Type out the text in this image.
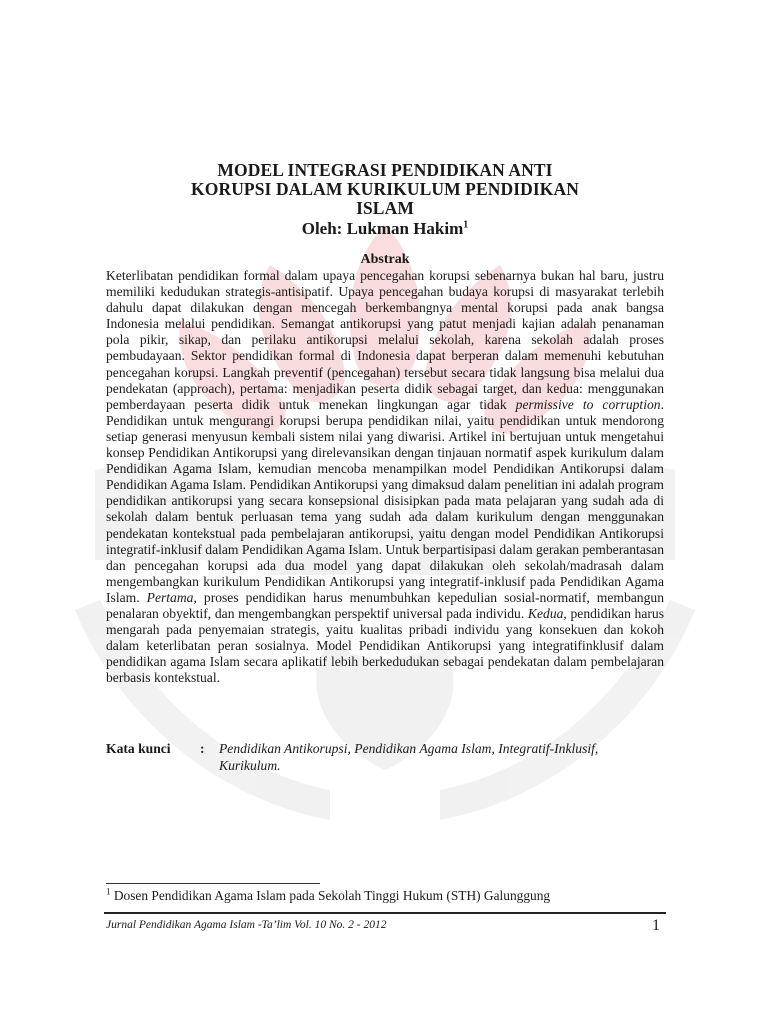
MODEL INTEGRASI PENDIDIKAN ANTI
KORUPSI DALAM KURIKULUM PENDIDIKAN
ISLAM
Oleh: Lukman Hakim$^1$
Abstrak

Keterlibatan pendidikan formal dalam upaya pencegahan korupsi sebenarnya bukan hal baru, justru memiliki kedudukan strategis-antisipatif. Upaya pencegahan budaya korupsi di masyarakat terlebih dahulu dapat dilakukan dengan mencegah berkembangnya mental korupsi pada anak bangsa Indonesia melalui pendidikan. Semangat antikorupsi yang patut menjadi kajian adalah penanaman pola pikir, sikap, dan perilaku antikorupsi melalui sekolah, karena sekolah adalah proses pembudayaan. Sektor pendidikan formal di Indonesia dapat berperan dalam memenuhi kebutuhan pencegahan korupsi. Langkah preventif (pencegahan) tersebut secara tidak langsung bisa melalui dua pendekatan (approach), pertama: menjadikan peserta didik sebagai target, dan kedua: menggunakan pemberdayaan peserta didik untuk menekan lingkungan agar tidak permissive to corruption. Pendidikan untuk mengurangi korupsi berupa pendidikan nilai, yaitu pendidikan untuk mendorong setiap generasi menyusun kembali sistem nilai yang diwarisi. Artikel ini bertujuan untuk mengetahui konsep Pendidikan Antikorupsi yang direlevansikan dengan tinjauan normatif aspek kurikulum dalam Pendidikan Agama Islam, kemudian mencoba menampilkan model Pendidikan Antikorupsi dalam Pendidikan Agama Islam. Pendidikan Antikorupsi yang dimaksud dalam penelitian ini adalah program pendidikan antikorupsi yang secara konsepsional disisipkan pada mata pelajaran yang sudah ada di sekolah dalam bentuk perluasan tema yang sudah ada dalam kurikulum dengan menggunakan pendekatan kontekstual pada pembelajaran antikorupsi, yaitu dengan model Pendidikan Antikorupsi integratif-inklusif dalam Pendidikan Agama Islam. Untuk berpartisipasi dalam gerakan pemberantasan dan pencegahan korupsi ada dua model yang dapat dilakukan oleh sekolah/madrasah dalam mengembangkan kurikulum Pendidikan Antikorupsi yang integratif-inklusif pada Pendidikan Agama Islam. Pertama, proses pendidikan harus menumbuhkan kepedulian sosial-normatif, membangun penalaran obyektif, dan mengembangkan perspektif universal pada individu. Kedua, pendidikan harus mengarah pada penyemaian strategis, yaitu kualitas pribadi individu yang konsekuen dan kokoh dalam keterlibatan peran sosialnya. Model Pendidikan Antikorupsi yang integratifinklusif dalam pendidikan agama Islam secara aplikatif lebih berkedudukan sebagai pendekatan dalam pembelajaran berbasis kontekstual.

Kata kunci : Pendidikan Antikorupsi, Pendidikan Agama Islam, Integratif-Inklusif, Kurikulum.
$^1$ Dosen Pendidikan Agama Islam pada Sekolah Tinggi Hukum (STH) Galunggung
Jurnal Pendidikan Agama Islam -Ta’lim Vol. 10 No. 2 - 2012	1
